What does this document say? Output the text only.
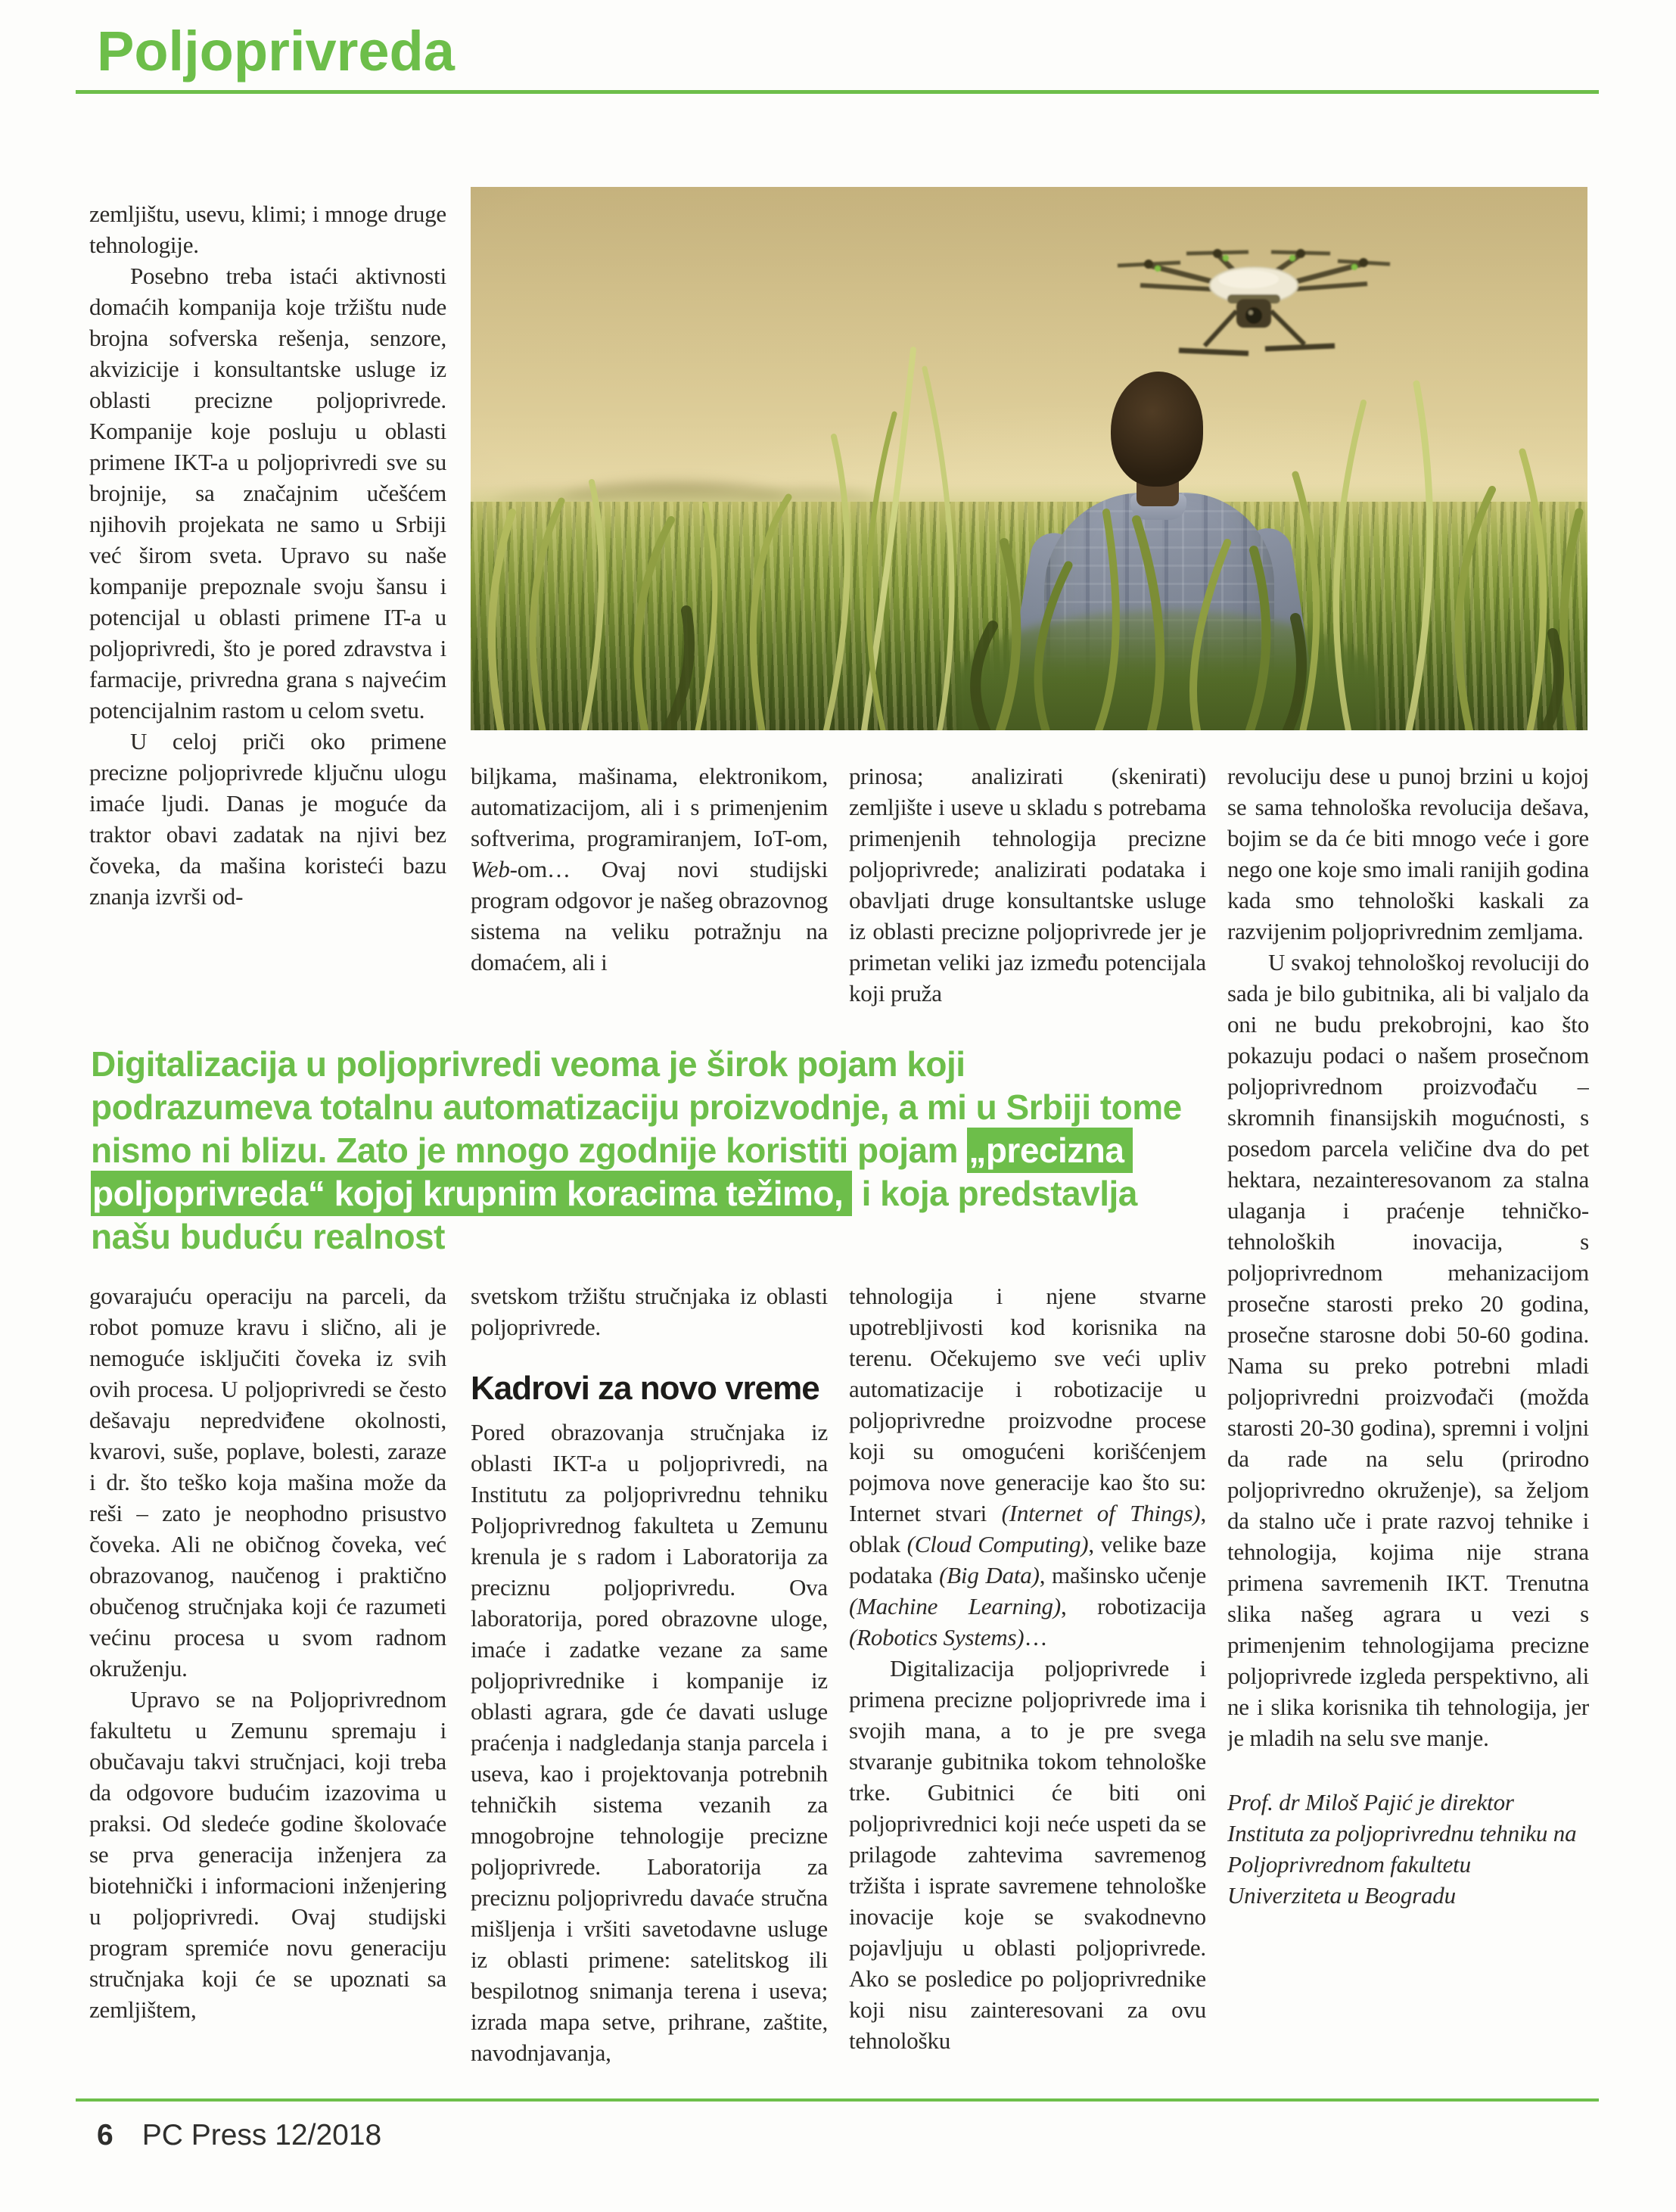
Poljoprivreda

zemljištu, usevu, klimi; i mnoge druge tehnologije.

Posebno treba istaći aktivnosti domaćih kompanija koje tržištu nude brojna sofverska rešenja, senzore, akvizicije i konsultantske usluge iz oblasti precizne poljoprivrede. Kompanije koje posluju u oblasti primene IKT-a u poljoprivredi sve su brojnije, sa značajnim učešćem njihovih projekata ne samo u Srbiji već širom sveta. Upravo su naše kompanije prepoznale svoju šansu i potencijal u oblasti primene IT-a u poljoprivredi, što je pored zdravstva i farmacije, privredna grana s najvećim potencijalnim rastom u celom svetu.

U celoj priči oko primene precizne poljoprivrede ključnu ulogu imaće ljudi. Danas je moguće da traktor obavi zadatak na njivi bez čoveka, da mašina koristeći bazu znanja izvrši od-

biljkama, mašinama, elektronikom, automatizacijom, ali i s primenjenim softverima, programiranjem, IoT-om, Web-om… Ovaj novi studijski program odgovor je našeg obrazovnog sistema na veliku potražnju na domaćem, ali i

prinosa; analizirati (skenirati) zemljište i useve u skladu s potrebama primenjenih tehnologija precizne poljoprivrede; analizirati podataka i obavljati druge konsultantske usluge iz oblasti precizne poljoprivrede jer je primetan veliki jaz između potencijala koji pruža

revoluciju dese u punoj brzini u kojoj se sama tehnološka revolucija dešava, bojim se da će biti mnogo veće i gore nego one koje smo imali ranijih godina kada smo tehnološki kaskali za razvijenim poljoprivrednim zemljama.

U svakoj tehnološkoj revoluciji do sada je bilo gubitnika, ali bi valjalo da oni ne budu prekobrojni, kao što pokazuju podaci o našem prosečnom poljoprivrednom proizvođaču – skromnih finansijskih mogućnosti, s posedom parcela veličine dva do pet hektara, nezainteresovanom za stalna ulaganja i praćenje tehničko-tehnoloških inovacija, s poljoprivrednom mehanizacijom prosečne starosti preko 20 godina, prosečne starosne dobi 50-60 godina. Nama su preko potrebni mladi poljoprivredni proizvođači (možda starosti 20-30 godina), spremni i voljni da rade na selu (prirodno poljoprivredno okruženje), sa željom da stalno uče i prate razvoj tehnike i tehnologija, kojima nije strana primena savremenih IKT. Trenutna slika našeg agrara u vezi s primenjenim tehnologijama precizne poljoprivrede izgleda perspektivno, ali ne i slika korisnika tih tehnologija, jer je mladih na selu sve manje.

Prof. dr Miloš Pajić je direktor Instituta za poljoprivrednu tehniku na Poljoprivrednom fakultetu Univerziteta u Beogradu

Digitalizacija u poljoprivredi veoma je širok pojam koji podrazumeva totalnu automatizaciju proizvodnje, a mi u Srbiji tome nismo ni blizu. Zato je mnogo zgodnije koristiti pojam „precizna poljoprivreda“ kojoj krupnim koracima težimo, i koja predstavlja našu buduću realnost

govarajuću operaciju na parceli, da robot pomuze kravu i slično, ali je nemoguće isključiti čoveka iz svih ovih procesa. U poljoprivredi se često dešavaju nepredviđene okolnosti, kvarovi, suše, poplave, bolesti, zaraze i dr. što teško koja mašina može da reši – zato je neophodno prisustvo čoveka. Ali ne običnog čoveka, već obrazovanog, naučenog i praktično obučenog stručnjaka koji će razumeti većinu procesa u svom radnom okruženju.

Upravo se na Poljoprivrednom fakultetu u Zemunu spremaju i obučavaju takvi stručnjaci, koji treba da odgovore budućim izazovima u praksi. Od sledeće godine školovaće se prva generacija inženjera za biotehnički i informacioni inženjering u poljoprivredi. Ovaj studijski program spremiće novu generaciju stručnjaka koji će se upoznati sa zemljištem,

svetskom tržištu stručnjaka iz oblasti poljoprivrede.

Kadrovi za novo vreme

Pored obrazovanja stručnjaka iz oblasti IKT-a u poljoprivredi, na Institutu za poljoprivrednu tehniku Poljoprivrednog fakulteta u Zemunu krenula je s radom i Laboratorija za preciznu poljoprivredu. Ova laboratorija, pored obrazovne uloge, imaće i zadatke vezane za same poljoprivrednike i kompanije iz oblasti agrara, gde će davati usluge praćenja i nadgledanja stanja parcela i useva, kao i projektovanja potrebnih tehničkih sistema vezanih za mnogobrojne tehnologije precizne poljoprivrede. Laboratorija za preciznu poljoprivredu davaće stručna mišljenja i vršiti savetodavne usluge iz oblasti primene: satelitskog ili bespilotnog snimanja terena i useva; izrada mapa setve, prihrane, zaštite, navodnjavanja,

tehnologija i njene stvarne upotrebljivosti kod korisnika na terenu. Očekujemo sve veći upliv automatizacije i robotizacije u poljoprivredne proizvodne procese koji su omogućeni korišćenjem pojmova nove generacije kao što su: Internet stvari (Internet of Things), oblak (Cloud Computing), velike baze podataka (Big Data), mašinsko učenje (Machine Learning), robotizacija (Robotics Systems)…

Digitalizacija poljoprivrede i primena precizne poljoprivrede ima i svojih mana, a to je pre svega stvaranje gubitnika tokom tehnološke trke. Gubitnici će biti oni poljoprivrednici koji neće uspeti da se prilagode zahtevima savremenog tržišta i isprate savremene tehnološke inovacije koje se svakodnevno pojavljuju u oblasti poljoprivrede. Ako se posledice po poljoprivrednike koji nisu zainteresovani za ovu tehnološku

6 PC Press 12/2018
